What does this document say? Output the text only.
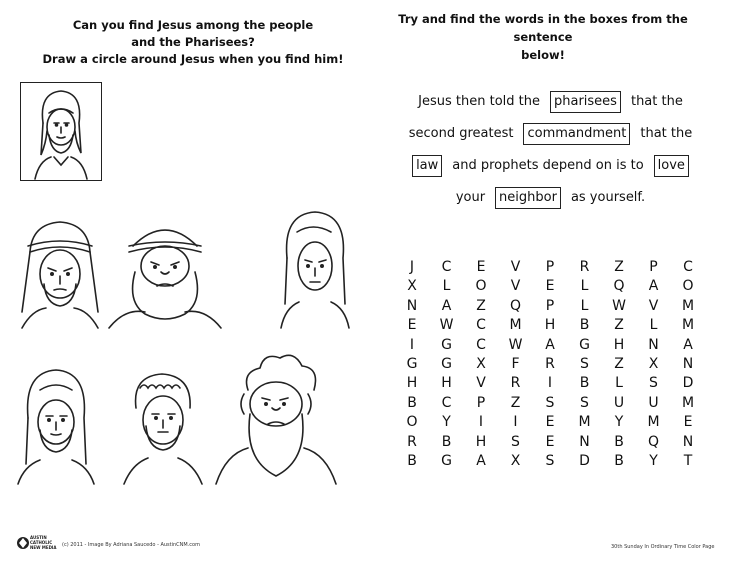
Can you find Jesus among the people
and the Pharisees?
Draw a circle around Jesus when you find him!
Try and find the words in the boxes from the sentence
below!
Jesus then told the pharisees that the
second greatest commandment that the
law and prophets depend on is to love
your neighbor as yourself.
J	C	E	V	P	R	Z	P	C
X	L	O	V	E	L	Q	A	O
N	A	Z	Q	P	L	W	V	M
E	W	C	M	H	B	Z	L	M
I	G	C	W	A	G	H	N	A
G	G	X	F	R	S	Z	X	N
H	H	V	R	I	B	L	S	D
B	C	P	Z	S	S	U	U	M
O	Y	I	I	E	M	Y	M	E
R	B	H	S	E	N	B	Q	N
B	G	A	X	S	D	B	Y	T
AUSTIN
CATHOLIC
NEW MEDIA (c) 2011 - Image By Adriana Saucedo - AustinCNM.com	30th Sunday In Ordinary Time Color Page
